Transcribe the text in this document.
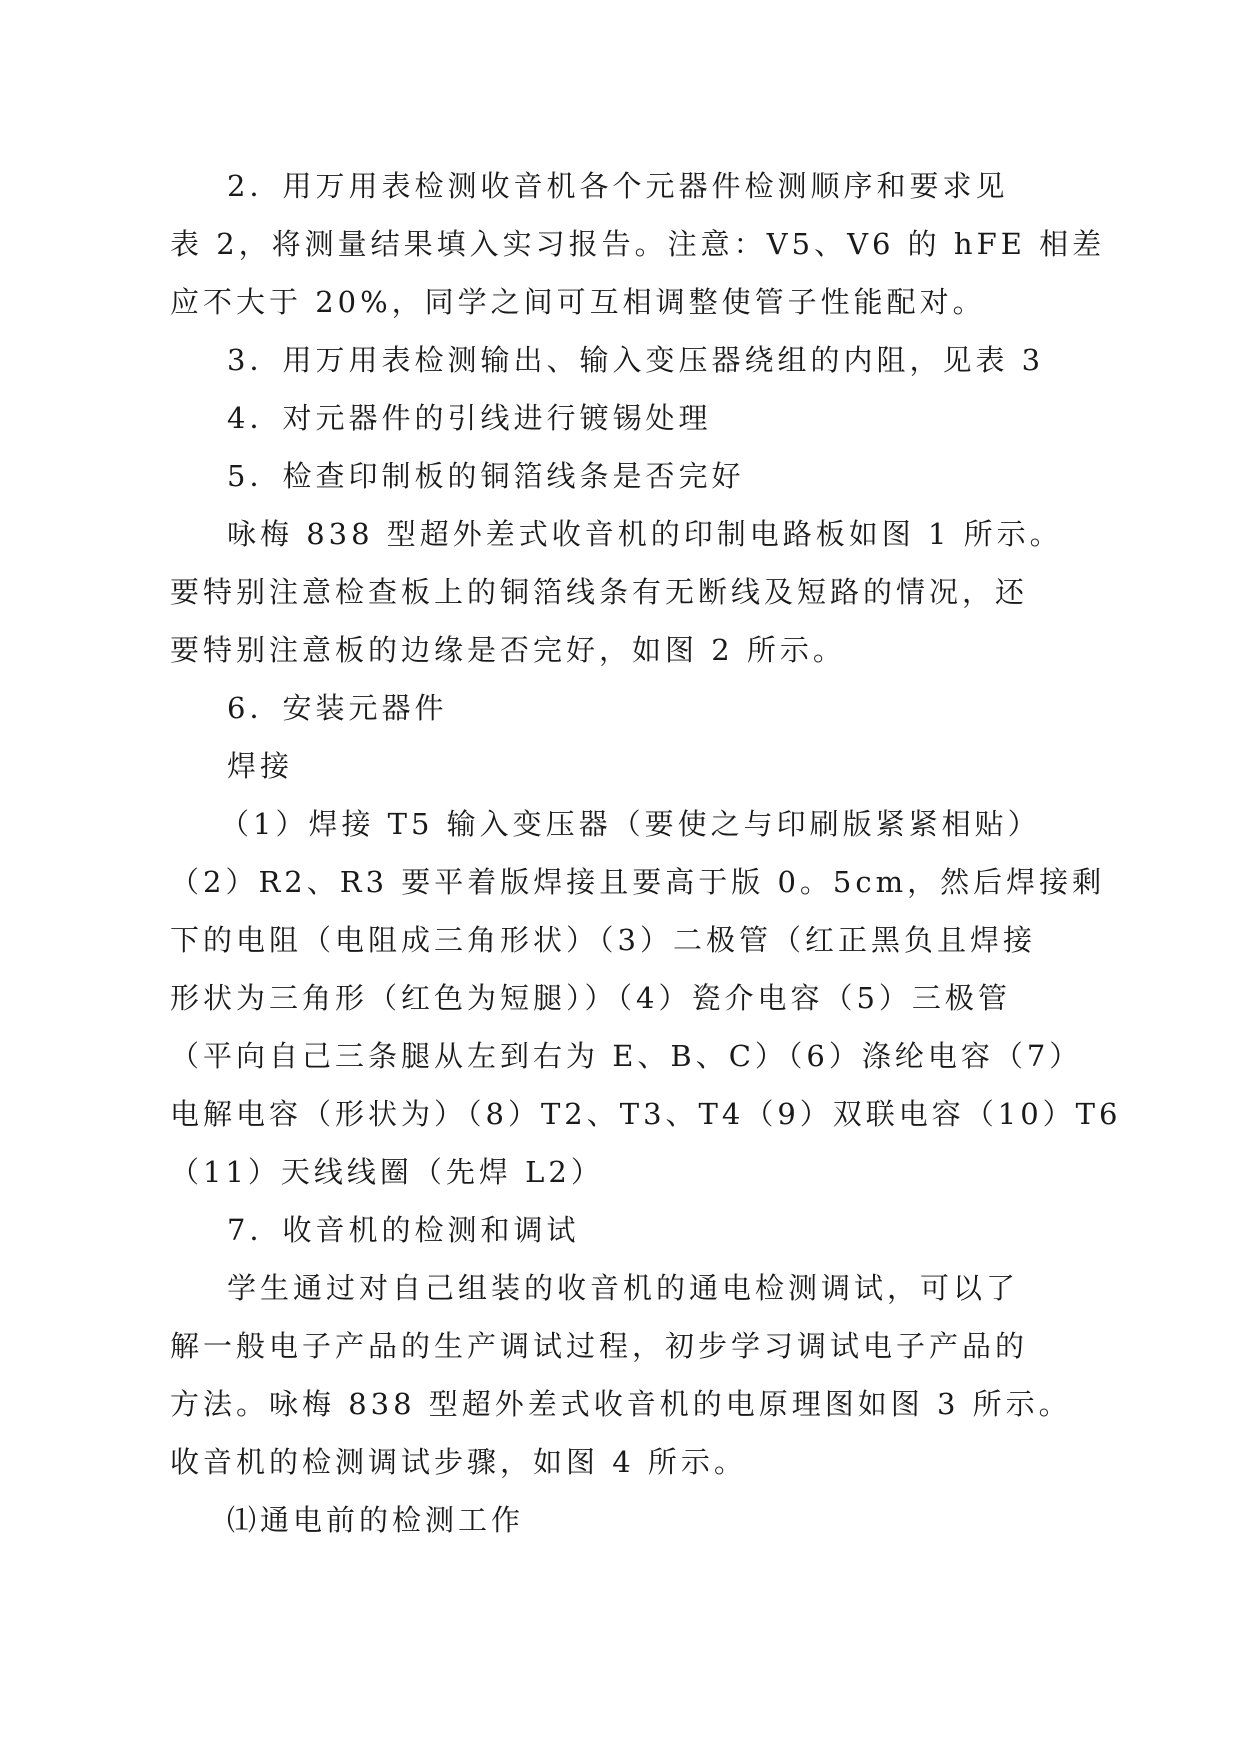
2．用万用表检测收音机各个元器件检测顺序和要求见
表 2，将测量结果填入实习报告。注意：V5、V6 的 hFE 相差
应不大于 20%，同学之间可互相调整使管子性能配对。
3．用万用表检测输出、输入变压器绕组的内阻，见表 3
4．对元器件的引线进行镀锡处理
5．检查印制板的铜箔线条是否完好
咏梅 838 型超外差式收音机的印制电路板如图 1 所示。
要特别注意检查板上的铜箔线条有无断线及短路的情况，还
要特别注意板的边缘是否完好，如图 2 所示。
6．安装元器件
焊接
（1）焊接 T5 输入变压器（要使之与印刷版紧紧相贴）
（2）R2、R3 要平着版焊接且要高于版 0。5cm，然后焊接剩
下的电阻（电阻成三角形状）（3）二极管（红正黑负且焊接
形状为三角形（红色为短腿））（4）瓷介电容（5）三极管
（平向自己三条腿从左到右为 E、B、C）（6）涤纶电容（7）
电解电容（形状为）（8）T2、T3、T4（9）双联电容（10）T6
（11）天线线圈（先焊 L2）
7．收音机的检测和调试
学生通过对自己组装的收音机的通电检测调试，可以了
解一般电子产品的生产调试过程，初步学习调试电子产品的
方法。咏梅 838 型超外差式收音机的电原理图如图 3 所示。
收音机的检测调试步骤，如图 4 所示。
⑴通电前的检测工作
